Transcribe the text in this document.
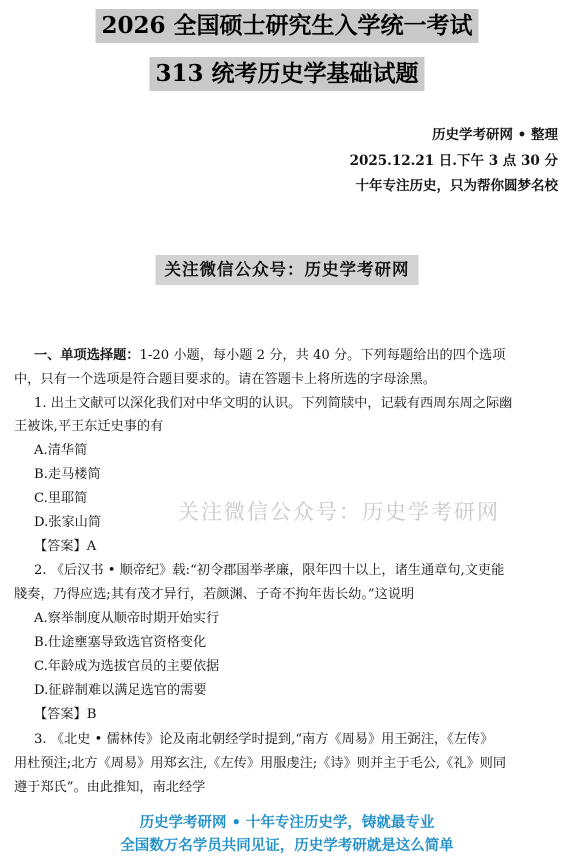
2026 全国硕士研究生入学统一考试
313 统考历史学基础试题
历史学考研网 • 整理
2025.12.21 日.下午 3 点 30 分
十年专注历史，只为帮你圆梦名校
关注微信公众号：历史学考研网
一、单项选择题：1-20 小题，每小题 2 分，共 40 分。下列每题给出的四个选项
中，只有一个选项是符合题目要求的。请在答题卡上将所选的字母涂黑。
1. 出土文献可以深化我们对中华文明的认识。下列简牍中，记载有西周东周之际幽
王被诛,平王东迁史事的有
A.清华简
B.走马楼简
C.里耶简
D.张家山简
【答案】A
2. 《后汉书 • 顺帝纪》载:“初令郡国举孝廉，限年四十以上，诸生通章句,文吏能
牋奏，乃得应选;其有茂才异行，若颜渊、子奇不拘年齿长幼。”这说明
A.察举制度从顺帝时期开始实行
B.仕途壅塞导致选官资格变化
C.年龄成为选拔官员的主要依据
D.征辟制难以满足选官的需要
【答案】B
3. 《北史 • 儒林传》论及南北朝经学时提到,“南方《周易》用王弼注，《左传》
用杜预注;北方《周易》用郑玄注,《左传》用服虔注;《诗》则并主于毛公,《礼》则同
遵于郑氏”。由此推知，南北经学
关注微信公众号：历史学考研网
历史学考研网 • 十年专注历史学，铸就最专业
全国数万名学员共同见证，历史学考研就是这么简单
